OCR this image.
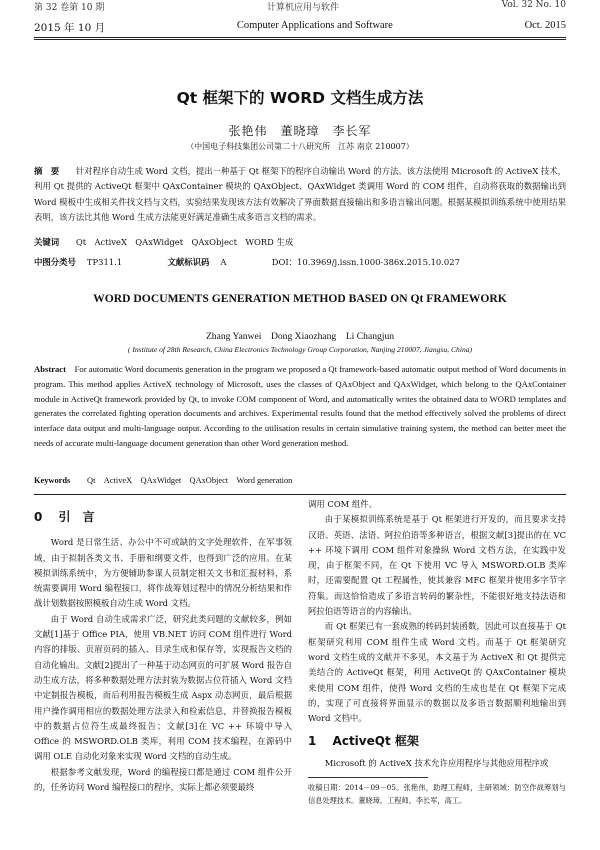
第 32 卷第 10 期	计算机应用与软件	Vol. 32 No. 10
2015 年 10 月	Computer Applications and Software	Oct. 2015
Qt 框架下的 WORD 文档生成方法
张艳伟　董晓璋　李长军
（中国电子科技集团公司第二十八研究所　江苏 南京 210007）
摘　要　　 针对程序自动生成 Word 文档，提出一种基于 Qt 框架下的程序自动输出 Word 的方法。该方法使用 Microsoft 的 ActiveX 技术，利用 Qt 提供的 ActiveQt 框架中 QAxContainer 模块的 QAxObject、QAxWidget 类调用 Word 的 COM 组件，自动将获取的数据输出到 Word 模板中生成相关件找文档与文档，实验结果发现该方法有效解决了界面数据直接输出和多语言输出问题。根据某模拟训练系统中使用结果表明，该方法比其他 Word 生成方法能更好满足准确生成多语言文档的需求。
关键词　　 Qt　ActiveX　QAxWidget　QAxObject　WORD 生成
中图分类号　 TP311.1	文献标识码　 A	DOI：10.3969/j.issn.1000-386x.2015.10.027
WORD DOCUMENTS GENERATION METHOD BASED ON Qt FRAMEWORK
Zhang Yanwei　Dong Xiaozhang　Li Changjun
( Institute of 28th Research, China Electronics Technology Group Corporation, Nanjing 210007, Jiangsu, China)
Abstract　 For automatic Word documents generation in the program we proposed a Qt framework-based automatic output method of Word documents in program. This method applies ActiveX technology of Microsoft, uses the classes of QAxObject and QAxWidget, which belong to the QAxContainer module in ActiveQt framework provided by Qt, to invoke COM component of Word, and automatically writes the obtained data to WORD templates and generates the correlated fighting operation documents and archives. Experimental results found that the method effectively solved the problems of direct interface data output and multi-language output. According to the utilisation results in certain simulative training system, the method can better meet the needs of accurate multi-language document generation than other Word generation method.
Keywords　　 Qt　ActiveX　QAxWidget　QAxObject　Word generation
0　 引　言

Word 是日常生活、办公中不可或缺的文字处理软件，在军事领域，由于拟制各类文书、手册和纲要文件，也得到广泛的应用。在某模拟训练系统中，为方便辅助参谋人员制定相关文书和汇报材料，系统需要调用 Word 编程接口，将作战筹划过程中的情况分析结果和作战计划数据按照模板自动生成 Word 文档。

由于 Word 自动生成需求广泛，研究此类问题的文献较多，例如文献[1]基于 Office PIA，使用 VB.NET 访问 COM 组件进行 Word 内容的排版、页眉页码的插入、目录生成和保存等，实现报告文档的自动化输出。文献[2]提出了一种基于动态网页的可扩展 Word 报告自动生成方法，将多种数据处理方法封装为数据占位符插入 Word 文档中定制报告模板，而后利用报告模板生成 Aspx 动态网页，最后根据用户操作调用相应的数据处理方法录入和检索信息，并替换报告模板中的数据占位符生成最终报告；文献[3]在 VC ++ 环境中导入 Office 的 MSWORD.OLB 类库，利用 COM 技术编程，在源码中调用 OLE 自动化对象来实现 Word 文档的自动生成。

根据参考文献发现，Word 的编程接口都是通过 COM 组件公开的，任务访问 Word 编程接口的程序，实际上都必须要最终

调用 COM 组件。

由于某模拟训练系统是基于 Qt 框架进行开发的，而且要求支持汉语、英语、法语、阿拉伯语等多种语言，根据文献[3]提出的在 VC ++ 环境下调用 COM 组件对象操纵 Word 文档方法，在实践中发现，由于框架不同，在 Qt 下使用 VC 导入 MSWORD.OLB 类库时，还需要配置 Qt 工程属性，使其兼容 MFC 框架并使用多字节字符集。而这恰恰造成了多语言转码的繁杂性，不能很好地支持法语和阿拉伯语等语言的内容输出。

而 Qt 框架已有一套成熟的转码封装函数，因此可以直接基于 Qt 框架研究利用 COM 组件生成 Word 文档。而基于 Qt 框架研究 word 文档生成的文献并不多见，本文基于为 ActiveX 和 Qt 提供完美结合的 ActiveQt 框架，利用 ActiveQt 的 QAxContainer 模块来使用 COM 组件，使得 Word 文档的生成也是在 Qt 框架下完成的，实现了可直接将界面显示的数据以及多语言数据顺利地输出到 Word 文档中。

1　 ActiveQt 框架

Microsoft 的 ActiveX 技术允许应用程序与其他应用程序或

收稿日期：2014－09－05。张艳伟，助理工程师，主研领域：防空作战筹划与信息处理技术。董晓璋，工程师。李长军，高工。
